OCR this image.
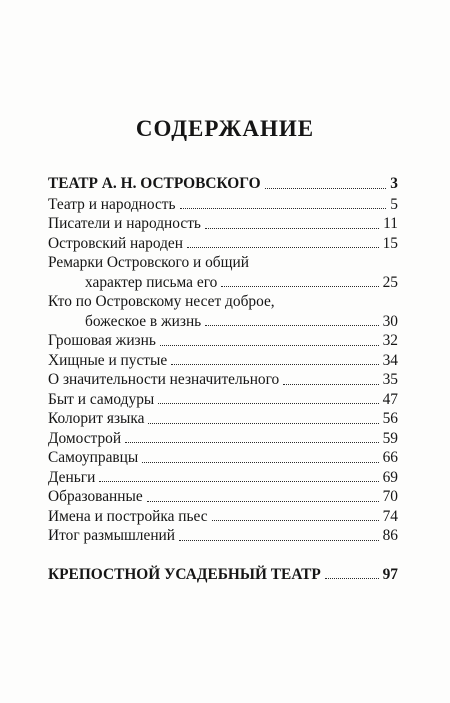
СОДЕРЖАНИЕ
ТЕАТР А. Н. ОСТРОВСКОГО	3
Театр и народность	5
Писатели и народность	11
Островский народен	15
Ремарки Островского и общий
характер письма его	25
Кто по Островскому несет доброе,
божеское в жизнь	30
Грошовая жизнь	32
Хищные и пустые	34
О значительности незначительного	35
Быт и самодуры	47
Колорит языка	56
Домострой	59
Самоуправцы	66
Деньги	69
Образованные	70
Имена и постройка пьес	74
Итог размышлений	86
КРЕПОСТНОЙ УСАДЕБНЫЙ ТЕАТР	97
